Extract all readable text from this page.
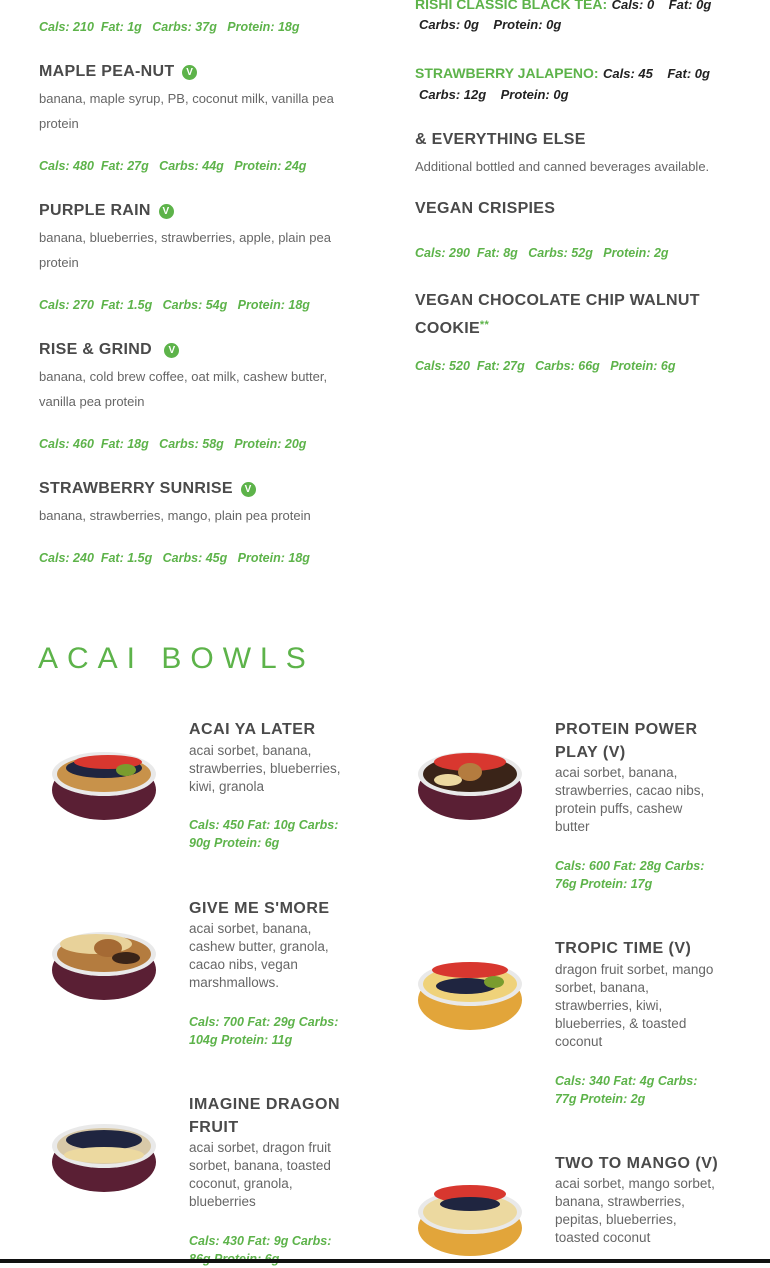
Cals: 210  Fat: 1g   Carbs: 37g   Protein: 18g
MAPLE PEA-NUT V
banana, maple syrup, PB, coconut milk, vanilla pea
protein
Cals: 480  Fat: 27g   Carbs: 44g   Protein: 24g
PURPLE RAIN V
banana, blueberries, strawberries, apple, plain pea
protein
Cals: 270  Fat: 1.5g   Carbs: 54g   Protein: 18g
RISE & GRIND V
banana, cold brew coffee, oat milk, cashew butter,
vanilla pea protein
Cals: 460  Fat: 18g   Carbs: 58g   Protein: 20g
STRAWBERRY SUNRISE V
banana, strawberries, mango, plain pea protein
Cals: 240  Fat: 1.5g   Carbs: 45g   Protein: 18g
RISHI CLASSIC BLACK TEA: Cals: 0    Fat: 0g
Carbs: 0g    Protein: 0g
STRAWBERRY JALAPENO: Cals: 45    Fat: 0g
Carbs: 12g    Protein: 0g
& EVERYTHING ELSE
Additional bottled and canned beverages available.
VEGAN CRISPIES
Cals: 290  Fat: 8g   Carbs: 52g   Protein: 2g
VEGAN CHOCOLATE CHIP WALNUT
COOKIE**
Cals: 520  Fat: 27g   Carbs: 66g   Protein: 6g
ACAI BOWLS
ACAI YA LATER
acai sorbet, banana,
strawberries, blueberries,
kiwi, granola
Cals: 450 Fat: 10g Carbs:
90g Protein: 6g
GIVE ME S'MORE
acai sorbet, banana,
cashew butter, granola,
cacao nibs, vegan
marshmallows.
Cals: 700 Fat: 29g Carbs:
104g Protein: 11g
IMAGINE DRAGON
FRUIT
acai sorbet, dragon fruit
sorbet, banana, toasted
coconut, granola,
blueberries
Cals: 430 Fat: 9g Carbs:

PROTEIN POWER
PLAY (V)
acai sorbet, banana,
strawberries, cacao nibs,
protein puffs, cashew
butter
Cals: 600 Fat: 28g Carbs:
76g Protein: 17g
TROPIC TIME (V)
dragon fruit sorbet, mango
sorbet, banana,
strawberries, kiwi,
blueberries, & toasted
coconut
Cals: 340 Fat: 4g Carbs:
77g Protein: 2g
TWO TO MANGO (V)
acai sorbet, mango sorbet,
banana, strawberries,
pepitas, blueberries,
toasted coconut
